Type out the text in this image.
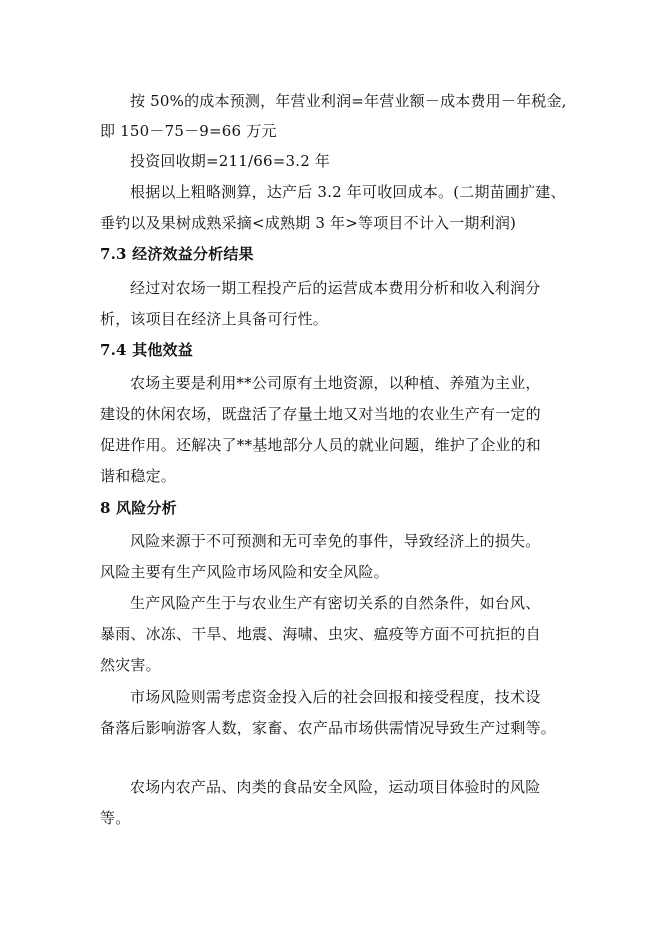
按 50%的成本预测，年营业利润=年营业额－成本费用－年税金,
即 150－75－9=66 万元
投资回收期=211/66=3.2 年
根据以上粗略测算，达产后 3.2 年可收回成本。(二期苗圃扩建、
垂钓以及果树成熟采摘<成熟期 3 年>等项目不计入一期利润)
7.3 经济效益分析结果
经过对农场一期工程投产后的运营成本费用分析和收入利润分
析，该项目在经济上具备可行性。
7.4 其他效益
农场主要是利用**公司原有土地资源，以种植、养殖为主业，
建设的休闲农场，既盘活了存量土地又对当地的农业生产有一定的
促进作用。还解决了**基地部分人员的就业问题，维护了企业的和
谐和稳定。
8 风险分析
风险来源于不可预测和无可幸免的事件，导致经济上的损失。
风险主要有生产风险市场风险和安全风险。
生产风险产生于与农业生产有密切关系的自然条件，如台风、
暴雨、冰冻、干旱、地震、海啸、虫灾、瘟疫等方面不可抗拒的自
然灾害。
市场风险则需考虑资金投入后的社会回报和接受程度，技术设
备落后影响游客人数，家畜、农产品市场供需情况导致生产过剩等。
农场内农产品、肉类的食品安全风险，运动项目体验时的风险
等。
